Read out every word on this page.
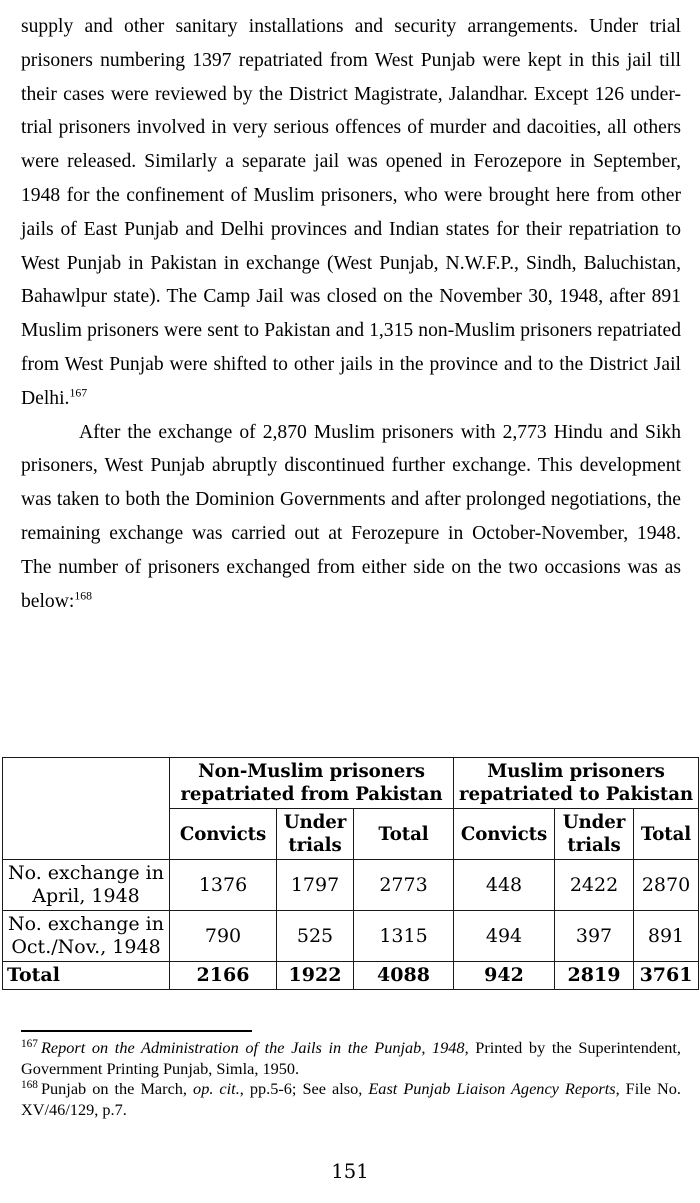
supply and other sanitary installations and security arrangements. Under trial prisoners numbering 1397 repatriated from West Punjab were kept in this jail till their cases were reviewed by the District Magistrate, Jalandhar. Except 126 under-trial prisoners involved in very serious offences of murder and dacoities, all others were released. Similarly a separate jail was opened in Ferozepore in September, 1948 for the confinement of Muslim prisoners, who were brought here from other jails of East Punjab and Delhi provinces and Indian states for their repatriation to West Punjab in Pakistan in exchange (West Punjab, N.W.F.P., Sindh, Baluchistan, Bahawlpur state). The Camp Jail was closed on the November 30, 1948, after 891 Muslim prisoners were sent to Pakistan and 1,315 non-Muslim prisoners repatriated from West Punjab were shifted to other jails in the province and to the District Jail Delhi.$^{167}$

After the exchange of 2,870 Muslim prisoners with 2,773 Hindu and Sikh prisoners, West Punjab abruptly discontinued further exchange. This development was taken to both the Dominion Governments and after prolonged negotiations, the remaining exchange was carried out at Ferozepure in October-November, 1948. The number of prisoners exchanged from either side on the two occasions was as below:$^{168}$

	Non-Muslim prisoners repatriated from Pakistan			Muslim prisoners repatriated to Pakistan		
	Convicts	Under trials	Total	Convicts	Under trials	Total
No. exchange in April, 1948	1376	1797	2773	448	2422	2870
No. exchange in Oct./Nov., 1948	790	525	1315	494	397	891
Total	2166	1922	4088	942	2819	3761

$^{167}$ Report on the Administration of the Jails in the Punjab, 1948, Printed by the Superintendent, Government Printing Punjab, Simla, 1950.

$^{168}$ Punjab on the March, op. cit., pp.5-6; See also, East Punjab Liaison Agency Reports, File No. XV/46/129, p.7.

151
